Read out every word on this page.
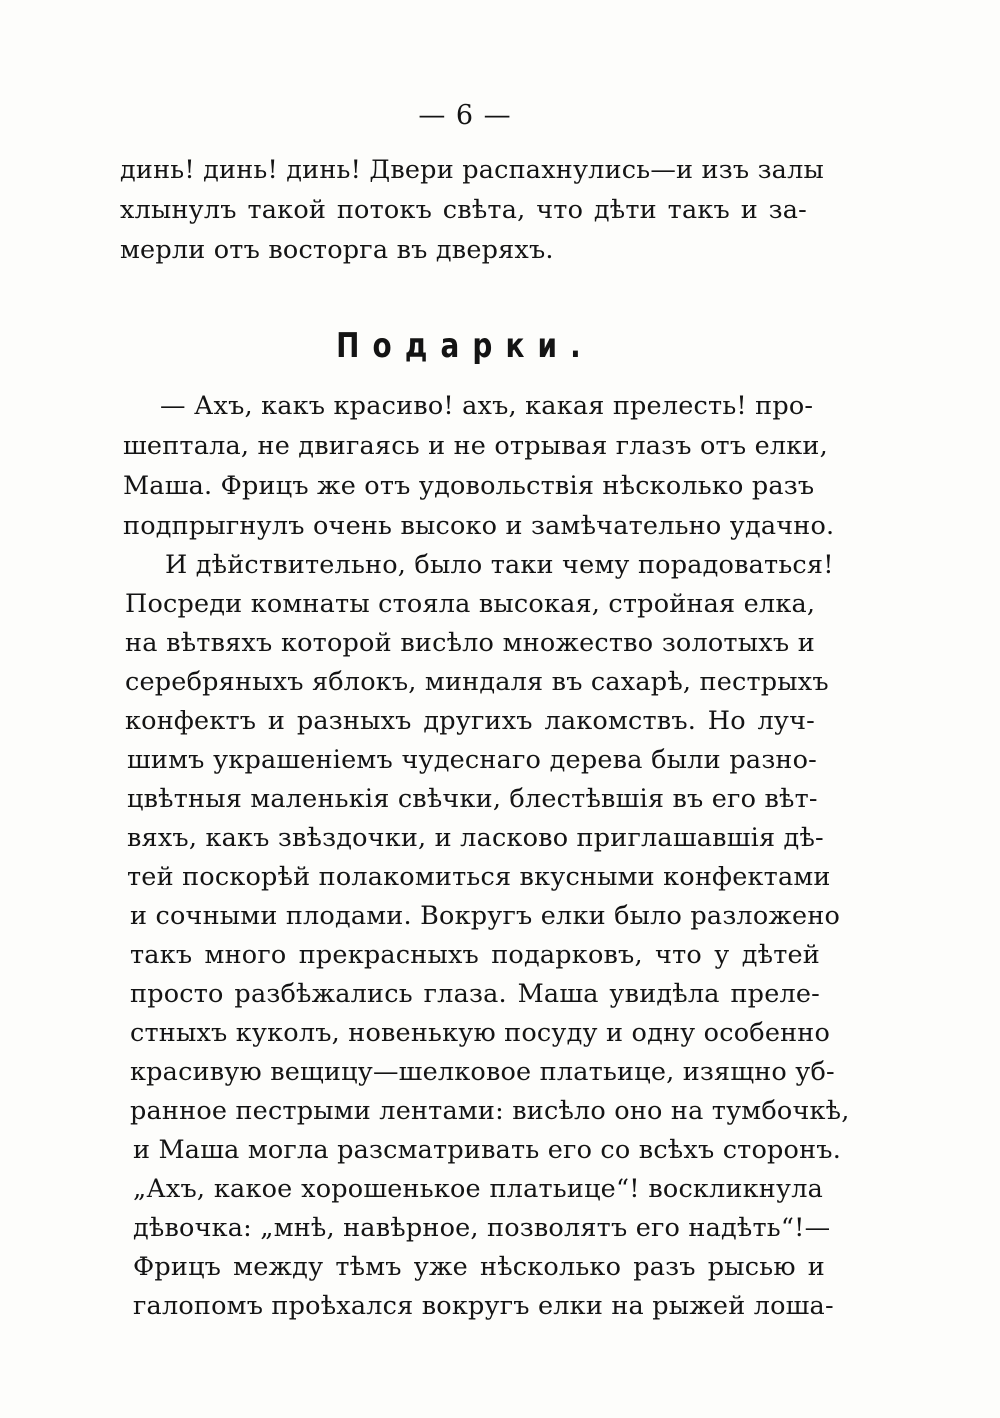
— 6 —
динь! динь! динь! Двери распахнулись—и изъ залы
хлынулъ такой потокъ свѣта, что дѣти такъ и за-
мерли отъ восторга въ дверяхъ.
Подарки.
— Ахъ, какъ красиво! ахъ, какая прелесть! про-
шептала, не двигаясь и не отрывая глазъ отъ елки,
Маша. Фрицъ же отъ удовольствія нѣсколько разъ
подпрыгнулъ очень высоко и замѣчательно удачно.
И дѣйствительно, было таки чему порадоваться!
Посреди комнаты стояла высокая, стройная елка,
на вѣтвяхъ которой висѣло множество золотыхъ и
серебряныхъ яблокъ, миндаля въ сахарѣ, пестрыхъ
конфектъ и разныхъ другихъ лакомствъ. Но луч-
шимъ украшеніемъ чудеснаго дерева были разно-
цвѣтныя маленькія свѣчки, блестѣвшія въ его вѣт-
вяхъ, какъ звѣздочки, и ласково приглашавшія дѣ-
тей поскорѣй полакомиться вкусными конфектами
и сочными плодами. Вокругъ елки было разложено
такъ много прекрасныхъ подарковъ, что у дѣтей
просто разбѣжались глаза. Маша увидѣла преле-
стныхъ куколъ, новенькую посуду и одну особенно
красивую вещицу—шелковое платьице, изящно уб-
ранное пестрыми лентами: висѣло оно на тумбочкѣ,
и Маша могла разсматривать его со всѣхъ сторонъ.
„Ахъ, какое хорошенькое платьице“! воскликнула
дѣвочка: „мнѣ, навѣрное, позволятъ его надѣть“!—
Фрицъ между тѣмъ уже нѣсколько разъ рысью и
галопомъ проѣхался вокругъ елки на рыжей лоша-
